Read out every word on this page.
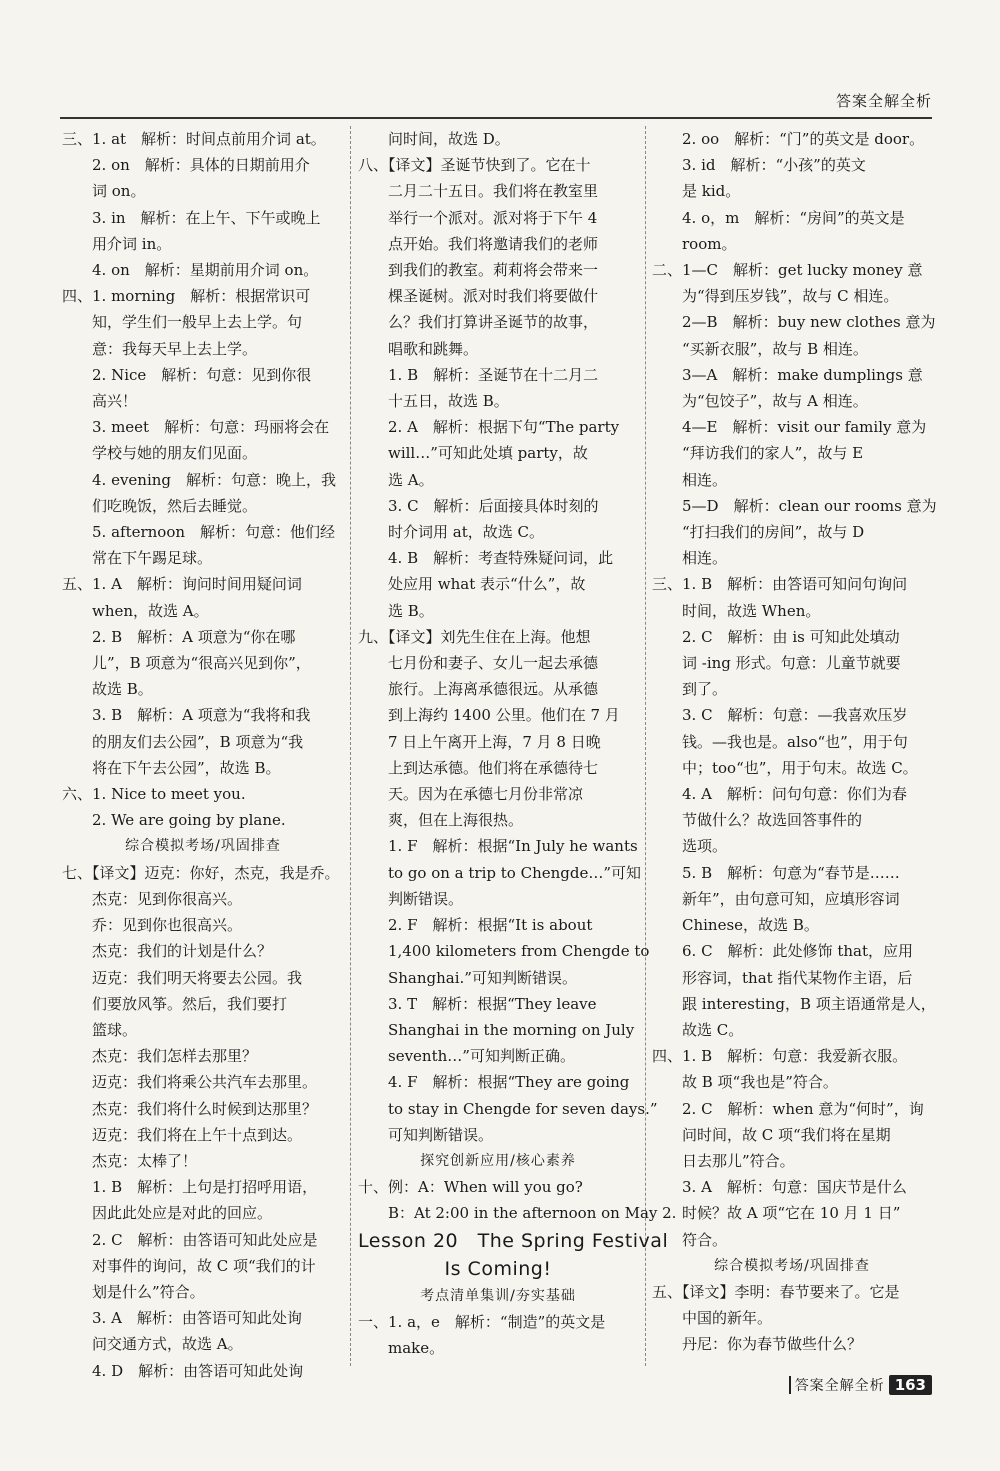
答案全解全析
三、1. at　解析：时间点前用介词 at。
　　2. on　解析：具体的日期前用介
　　词 on。
　　3. in　解析：在上午、下午或晚上
　　用介词 in。
　　4. on　解析：星期前用介词 on。
四、1. morning　解析：根据常识可
　　知，学生们一般早上去上学。句
　　意：我每天早上去上学。
　　2. Nice　解析：句意：见到你很
　　高兴！
　　3. meet　解析：句意：玛丽将会在
　　学校与她的朋友们见面。
　　4. evening　解析：句意：晚上，我
　　们吃晚饭，然后去睡觉。
　　5. afternoon　解析：句意：他们经
　　常在下午踢足球。
五、1. A　解析：询问时间用疑问词
　　when，故选 A。
　　2. B　解析：A 项意为“你在哪
　　儿”，B 项意为“很高兴见到你”，
　　故选 B。
　　3. B　解析：A 项意为“我将和我
　　的朋友们去公园”，B 项意为“我
　　将在下午去公园”，故选 B。
六、1. Nice to meet you.
　　2. We are going by plane.
综合模拟考场/巩固排查
七、【译文】迈克：你好，杰克，我是乔。
　　杰克：见到你很高兴。
　　乔：见到你也很高兴。
　　杰克：我们的计划是什么？
　　迈克：我们明天将要去公园。我
　　们要放风筝。然后，我们要打
　　篮球。
　　杰克：我们怎样去那里？
　　迈克：我们将乘公共汽车去那里。
　　杰克：我们将什么时候到达那里？
　　迈克：我们将在上午十点到达。
　　杰克：太棒了！
　　1. B　解析：上句是打招呼用语，
　　因此此处应是对此的回应。
　　2. C　解析：由答语可知此处应是
　　对事件的询问，故 C 项“我们的计
　　划是什么”符合。
　　3. A　解析：由答语可知此处询
　　问交通方式，故选 A。
　　4. D　解析：由答语可知此处询
　　问时间，故选 D。
八、【译文】圣诞节快到了。它在十
　　二月二十五日。我们将在教室里
　　举行一个派对。派对将于下午 4
　　点开始。我们将邀请我们的老师
　　到我们的教室。莉莉将会带来一
　　棵圣诞树。派对时我们将要做什
　　么？我们打算讲圣诞节的故事，
　　唱歌和跳舞。
　　1. B　解析：圣诞节在十二月二
　　十五日，故选 B。
　　2. A　解析：根据下句“The party
　　will…”可知此处填 party，故
　　选 A。
　　3. C　解析：后面接具体时刻的
　　时介词用 at，故选 C。
　　4. B　解析：考查特殊疑问词，此
　　处应用 what 表示“什么”，故
　　选 B。
九、【译文】刘先生住在上海。他想
　　七月份和妻子、女儿一起去承德
　　旅行。上海离承德很远。从承德
　　到上海约 1400 公里。他们在 7 月
　　7 日上午离开上海，7 月 8 日晚
　　上到达承德。他们将在承德待七
　　天。因为在承德七月份非常凉
　　爽，但在上海很热。
　　1. F　解析：根据“In July he wants
　　to go on a trip to Chengde…”可知
　　判断错误。
　　2. F　解析：根据“It is about
　　1,400 kilometers from Chengde to
　　Shanghai.”可知判断错误。
　　3. T　解析：根据“They leave
　　Shanghai in the morning on July
　　seventh…”可知判断正确。
　　4. F　解析：根据“They are going
　　to stay in Chengde for seven days.”
　　可知判断错误。
探究创新应用/核心素养
十、例：A：When will you go?
　　B：At 2:00 in the afternoon on May 2.
Lesson 20　The Spring Festival
Is Coming!
考点清单集训/夯实基础
一、1. a，e　解析：“制造”的英文是
　　make。
　　2. oo　解析：“门”的英文是 door。
　　3. id　解析：“小孩”的英文
　　是 kid。
　　4. o，m　解析：“房间”的英文是
　　room。
二、1—C　解析：get lucky money 意
　　为“得到压岁钱”，故与 C 相连。
　　2—B　解析：buy new clothes 意为
　　“买新衣服”，故与 B 相连。
　　3—A　解析：make dumplings 意
　　为“包饺子”，故与 A 相连。
　　4—E　解析：visit our family 意为
　　“拜访我们的家人”，故与 E
　　相连。
　　5—D　解析：clean our rooms 意为
　　“打扫我们的房间”，故与 D
　　相连。
三、1. B　解析：由答语可知问句询问
　　时间，故选 When。
　　2. C　解析：由 is 可知此处填动
　　词 -ing 形式。句意：儿童节就要
　　到了。
　　3. C　解析：句意：—我喜欢压岁
　　钱。—我也是。also“也”，用于句
　　中；too“也”，用于句末。故选 C。
　　4. A　解析：问句句意：你们为春
　　节做什么？故选回答事件的
　　选项。
　　5. B　解析：句意为“春节是……
　　新年”，由句意可知，应填形容词
　　Chinese，故选 B。
　　6. C　解析：此处修饰 that，应用
　　形容词，that 指代某物作主语，后
　　跟 interesting，B 项主语通常是人，
　　故选 C。
四、1. B　解析：句意：我爱新衣服。
　　故 B 项“我也是”符合。
　　2. C　解析：when 意为“何时”，询
　　问时间，故 C 项“我们将在星期
　　日去那儿”符合。
　　3. A　解析：句意：国庆节是什么
　　时候？故 A 项“它在 10 月 1 日”
　　符合。
综合模拟考场/巩固排查
五、【译文】李明：春节要来了。它是
　　中国的新年。
　　丹尼：你为春节做些什么？
答案全解全析 163
